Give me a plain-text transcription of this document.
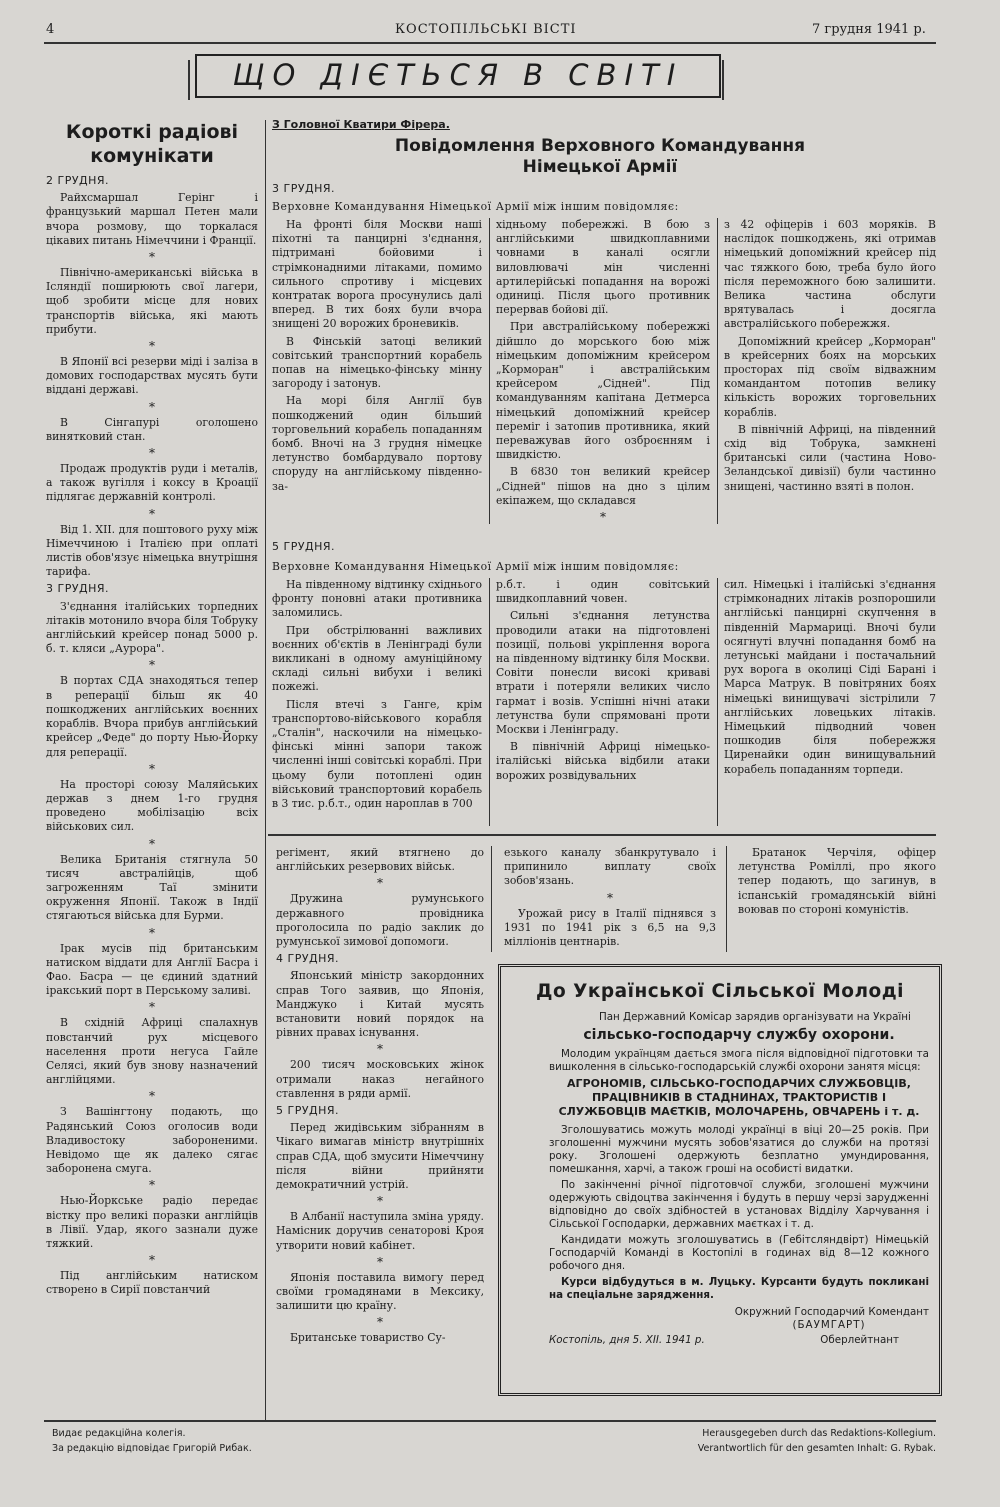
4	КОСТОПІЛЬСЬКІ ВІСТІ	7 грудня 1941 р.
ЩО ДІЄТЬСЯ В СВІТІ
Короткі радіові комунікати

2 ГРУДНЯ.

Райхсмаршал Герінг і французький маршал Петен мали вчора розмову, що торкалася цікавих питань Німеччини і Франції.

*

Північно-американські війська в Ісляндії поширюють свої лагери, щоб зробити місце для нових транспортів війська, які мають прибути.

*

В Японії всі резерви міді і заліза в домових господарствах мусять бути віддані державі.

*

В Сінгапурі оголошено винятковий стан.

*

Продаж продуктів руди і металів, а також вугілля і коксу в Кроації підлягає державній контролі.

*

Від 1. XII. для поштового руху між Німеччиною і Італією при оплаті листів обов'язує німецька внутрішня тарифа.

3 ГРУДНЯ.

З'єднання італійських торпедних літаків мотонило вчора біля Тобруку англійський крейсер понад 5000 р. б. т. кляси „Аурора".

*

В портах СДА знаходяться тепер в реперації більш як 40 пошкоджених англійських воєнних кораблів. Вчора прибув англійський крейсер „Феде" до порту Нью-Йорку для реперації.

*

На просторі союзу Маляйських держав з днем 1-го грудня проведено мобілізацію всіх військових сил.

*

Велика Британія стягнула 50 тисяч австралійців, щоб загроженням Таї змінити окруження Японії. Також в Індії стягаються війська для Бурми.

*

Ірак мусів під британським натиском віддати для Англії Басра і Фао. Басра — це єдиний здатний іракський порт в Перському заливі.

*

В східній Африці спалахнув повстанчий рух місцевого населення проти негуса Гайле Селясі, який був знову назначений англійцями.

*

З Вашінгтону подають, що Радянський Союз оголосив води Владивостоку забороненими. Невідомо ще як далеко сягає заборонена смуга.

*

Нью-Йоркське радіо передає вістку про великі поразки англійців в Лівії. Удар, якого зазнали дуже тяжкий.

*

Під англійським натиском створено в Сирії повстанчий

З Головної Кватири Фірера.
Повідомлення Верховного Командування Німецької Армії

3 ГРУДНЯ.

Верховне Командування Німецької Армії між іншим повідомляє:

На фронті біля Москви наші піхотні та панцирні з'єднання, підтримані бойовими і стрімконадними літаками, помимо сильного спротиву і місцевих контратак ворога просунулись далі вперед. В тих боях були вчора знищені 20 ворожих броневиків.

В Фінській затоці великий совітський транспортний корабель попав на німецько-фінську мінну загороду і затонув.

На морі біля Англії був пошкоджений один більший торговельний корабель попаданням бомб. Вночі на 3 грудня німецке летунство бомбардувало портову споруду на англійському південно-за-

хідньому побережжі. В бою з англійськими швидкоплавними човнами в каналі осягли виловлювачі мін численні артилерійські попадання на ворожі одиниці. Після цього противник перервав бойові дії.

При австралійському побережжі дійшло до морського бою між німецьким допоміжним крейсером „Корморан" і австралійським крейсером „Сідней". Під командуванням капітана Детмерса німецький допоміжний крейсер переміг і затопив противника, який переважував його озброєнням і швидкістю.

В 6830 тон великий крейсер „Сідней" пішов на дно з цілим екіпажем, що складався

*

з 42 офіцерів і 603 моряків. В наслідок пошкоджень, які отримав німецький допоміжний крейсер під час тяжкого бою, треба було його після переможного бою залишити. Велика частина обслуги врятувалась і досягла австралійського побережжя.

Допоміжний крейсер „Корморан" в крейсерних боях на морських просторах під своїм відважним командантом потопив велику кількість ворожих торговельних кораблів.

В північній Африці, на південний схід від Тобрука, замкнені британські сили (частина Ново-Зеландської дивізії) були частинно знищені, частинно взяті в полон.

5 ГРУДНЯ.

Верховне Командування Німецької Армії між іншим повідомляє:

На південному відтинку східнього фронту поновні атаки противника заломились.

При обстрілюванні важливих воєнних об'єктів в Ленінграді були викликані в одному амуніційному складі сильні вибухи і великі пожежі.

Після втечі з Ганге, крім транспортово-військового корабля „Сталін", наскочили на німецько-фінські мінні запори також численні інші совітські кораблі. При цьому були потоплені один військовий транспортовий корабель в 3 тис. р.б.т., один нарoплав в 700

р.б.т. і один совітський швидкоплавний човен.

Сильні з'єднання летунства проводили атаки на підготовлені позиції, польові укріплення ворога на південному відтинку біля Москви. Совіти понесли високі криваві втрати і потеряли великих число гармат і возів. Успішні нічні атаки летунства були спрямовані проти Москви і Ленінграду.

В північній Африці німецько-італійські війська відбили атаки ворожих розвідувальних

сил. Німецькі і італійські з'єднання стрімконадних літаків розпорошили англійські панцирні скупчення в південній Мармариці. Вночі були осягнуті влучні попадання бомб на летунські майдани і постачальний рух ворога в околиці Сіді Барані і Марса Матрук. В повітряних боях німецькі винищувачі зістрілили 7 англійських ловецьких літаків. Німецький підводний човен пошкодив біля побережжя Циренайки один винищувальний корабель попаданням торпеди.

регімент, який втягнено до англійських резервових військ.

*

Дружина румунського державного провідника проголосила по радіо заклик до румунської зимової допомоги.

4 ГРУДНЯ.

Японський міністр закордонних справ Того заявив, що Японія, Манджуко і Китай мусять встановити новий порядок на рівних правах існування.

*

200 тисяч московських жінок отримали наказ негайного ставлення в ряди армії.

5 ГРУДНЯ.

Перед жидівським зібранням в Чікаго вимагав міністр внутрішніх справ СДА, щоб змусити Німеччину після війни прийняти демократичний устрій.

*

В Албанії наступила зміна уряду. Намісник доручив сенаторові Кроя утворити новий кабінет.

*

Японія поставила вимогу перед своїми громадянами в Мексику, залишити цю країну.

*

Британське товариство Су-

езького каналу збанкрутувало і припинило виплату своїх зобов'язань.

*

Урожай рису в Італії піднявся з 1931 по 1941 рік з 6,5 на 9,3 мілліонів центнарів.

Братанок Черчіля, офіцер летунства Роміллі, про якого тепер подають, що загинув, в іспанській громадянській війні воював по стороні комуністів.

До Української Сільської Молоді

Пан Державний Комісар зарядив організувати на Україні

сільсько-господарчу службу охорони.

Молодим українцям дається змога після відповідної підготовки та вишколення в сільсько-господарській службі охорони занятя місця:

АГРОНОМІВ, СІЛЬСЬКО-ГОСПОДАРЧИХ СЛУЖБОВЦІВ, ПРАЦІВНИКІВ В СТАДНИНАХ, ТРАКТОРИСТІВ І СЛУЖБОВЦІВ МАЄТКІВ, МОЛОЧАРЕНЬ, ОВЧАРЕНЬ і т. д.

Зголошуватись можуть молоді українці в віці 20—25 років. При зголошенні мужчини мусять зобов'язатися до служби на протязі року. Зголошені одержують безплатно умундировання, помешкання, харчі, а також гроші на особисті видатки.

По закінченні річної підготовчої служби, зголошені мужчини одержують свідоцтва закінчення і будуть в першу черзі зарудженні відповідно до своїх здібностей в установах Відділу Харчування і Сільської Господарки, державних маєтках і т. д.

Кандидати можуть зголошуватись в (Гебітсляндвірт) Німецькій Господарчій Команді в Костопілі в годинах від 8—12 кожного робочого дня.

Курси відбудуться в м. Луцьку. Курсанти будуть покликані на спеціальне зарядження.

Окружний Господарчий Комендант
(БАУМГАРТ)
Костопіль, дня 5. XII. 1941 р.	Оберлейтнант
Видає редакційна колегія.
За редакцію відповідає Григорій Рибак.
Herausgegeben durch das Redaktions-Kollegium.
Verantwortlich für den gesamten Inhalt: G. Rybak.
